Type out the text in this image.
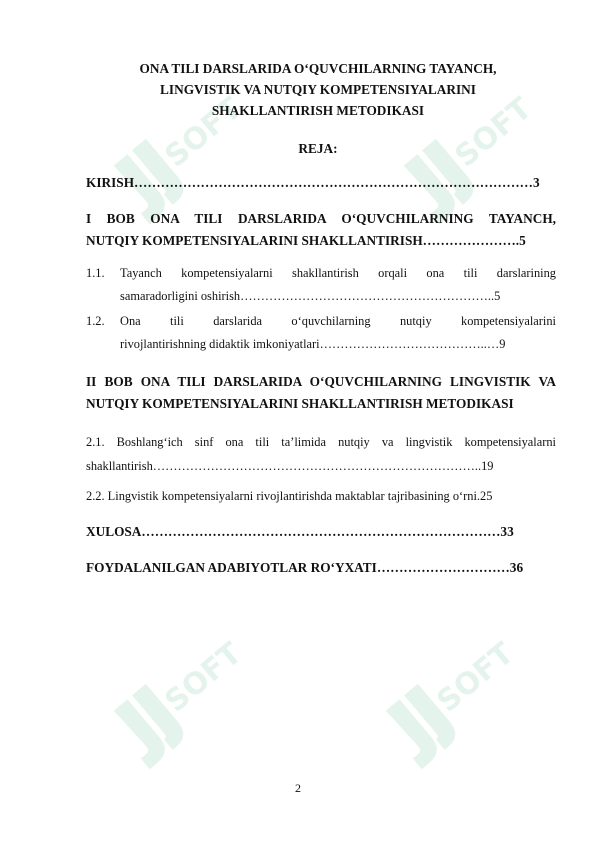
SOFT	SOFT
SOFT	SOFT
ONA TILI DARSLARIDA O‘QUVCHILARNING TAYANCH,
LINGVISTIK VA NUTQIY KOMPETENSIYALARINI
SHAKLLANTIRISH METODIKASI
REJA:
KIRISH………………………………………………………………………………3
I BOB ONA TILI DARSLARIDA O‘QUVCHILARNING TAYANCH,
NUTQIY KOMPETENSIYALARINI SHAKLLANTIRISH………………….5
1.1. Tayanch kompetensiyalarni shakllantirish orqali ona tili darslarining
samaradorligini oshirish……………………………………………………..5
1.2. Ona tili darslarida o‘quvchilarning nutqiy kompetensiyalarini
rivojlantirishning didaktik imkoniyatlari…………………………………..…9
II BOB ONA TILI DARSLARIDA O‘QUVCHILARNING LINGVISTIK VA
NUTQIY KOMPETENSIYALARINI SHAKLLANTIRISH METODIKASI
2.1. Boshlang‘ich sinf ona tili ta’limida nutqiy va lingvistik kompetensiyalarni
shakllantirish……………………………………………………………………..19
2.2. Lingvistik kompetensiyalarni rivojlantirishda maktablar tajribasining o‘rni.25
XULOSA………………………………………………………………………33
FOYDALANILGAN ADABIYOTLAR RO‘YXATI…………………………36
2
